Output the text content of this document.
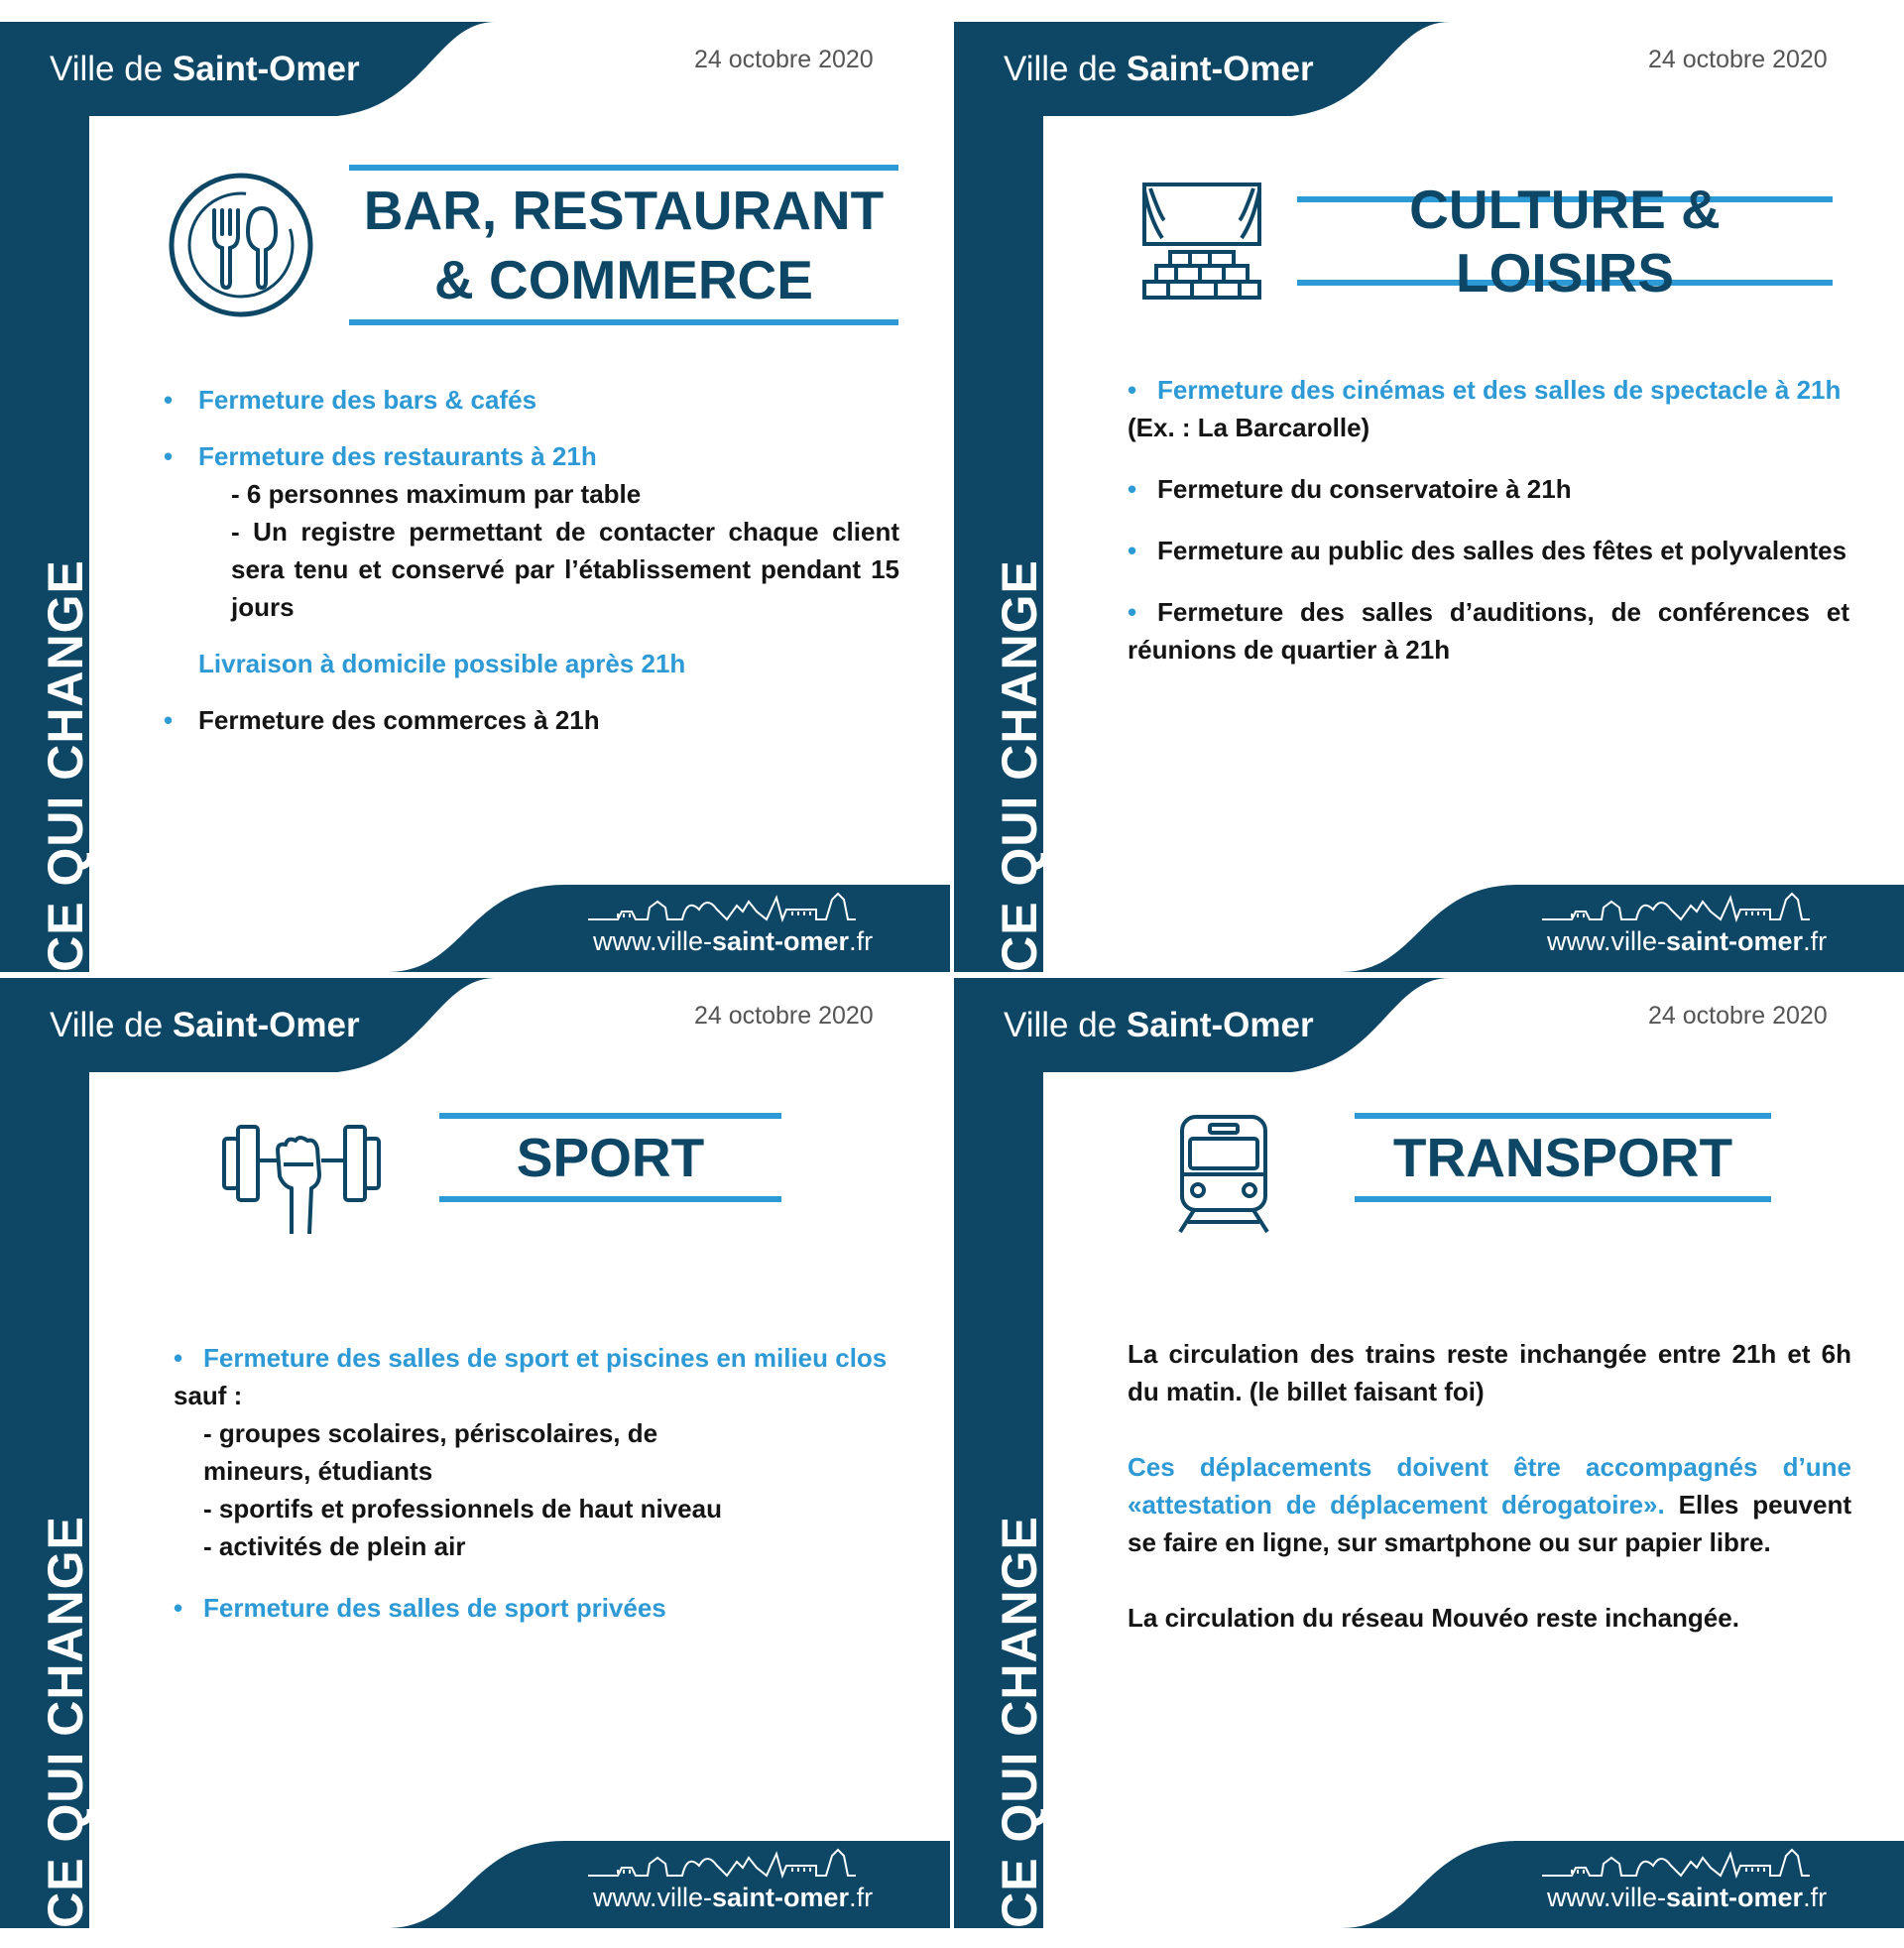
Ville de Saint-Omer	24 octobre 2020
CE QUI CHANGE
BAR, RESTAURANT
& COMMERCE

• Fermeture des bars & cafés

• Fermeture des restaurants à 21h

- 6 personnes maximum par table

- Un registre permettant de contacter chaque client sera tenu et conservé par l’établissement pendant 15 jours

Livraison à domicile possible après 21h

• Fermeture des commerces à 21h

www.ville-saint-omer.fr
Ville de Saint-Omer	24 octobre 2020
CE QUI CHANGE
CULTURE & LOISIRS

• Fermeture des cinémas et des salles de spectacle à 21h (Ex. : La Barcarolle)

• Fermeture du conservatoire à 21h

• Fermeture au public des salles des fêtes et polyvalentes

• Fermeture des salles d’auditions, de conférences et réunions de quartier à 21h

www.ville-saint-omer.fr
Ville de Saint-Omer	24 octobre 2020
CE QUI CHANGE
SPORT

• Fermeture des salles de sport et piscines en milieu clos sauf :

- groupes scolaires, périscolaires, de mineurs, étudiants

- sportifs et professionnels de haut niveau

- activités de plein air

• Fermeture des salles de sport privées

www.ville-saint-omer.fr
Ville de Saint-Omer	24 octobre 2020
CE QUI CHANGE
TRANSPORT

La circulation des trains reste inchangée entre 21h et 6h du matin. (le billet faisant foi)

Ces déplacements doivent être accompagnés d’une «attestation de déplacement dérogatoire». Elles peuvent se faire en ligne, sur smartphone ou sur papier libre.

La circulation du réseau Mouvéo reste inchangée.

www.ville-saint-omer.fr
